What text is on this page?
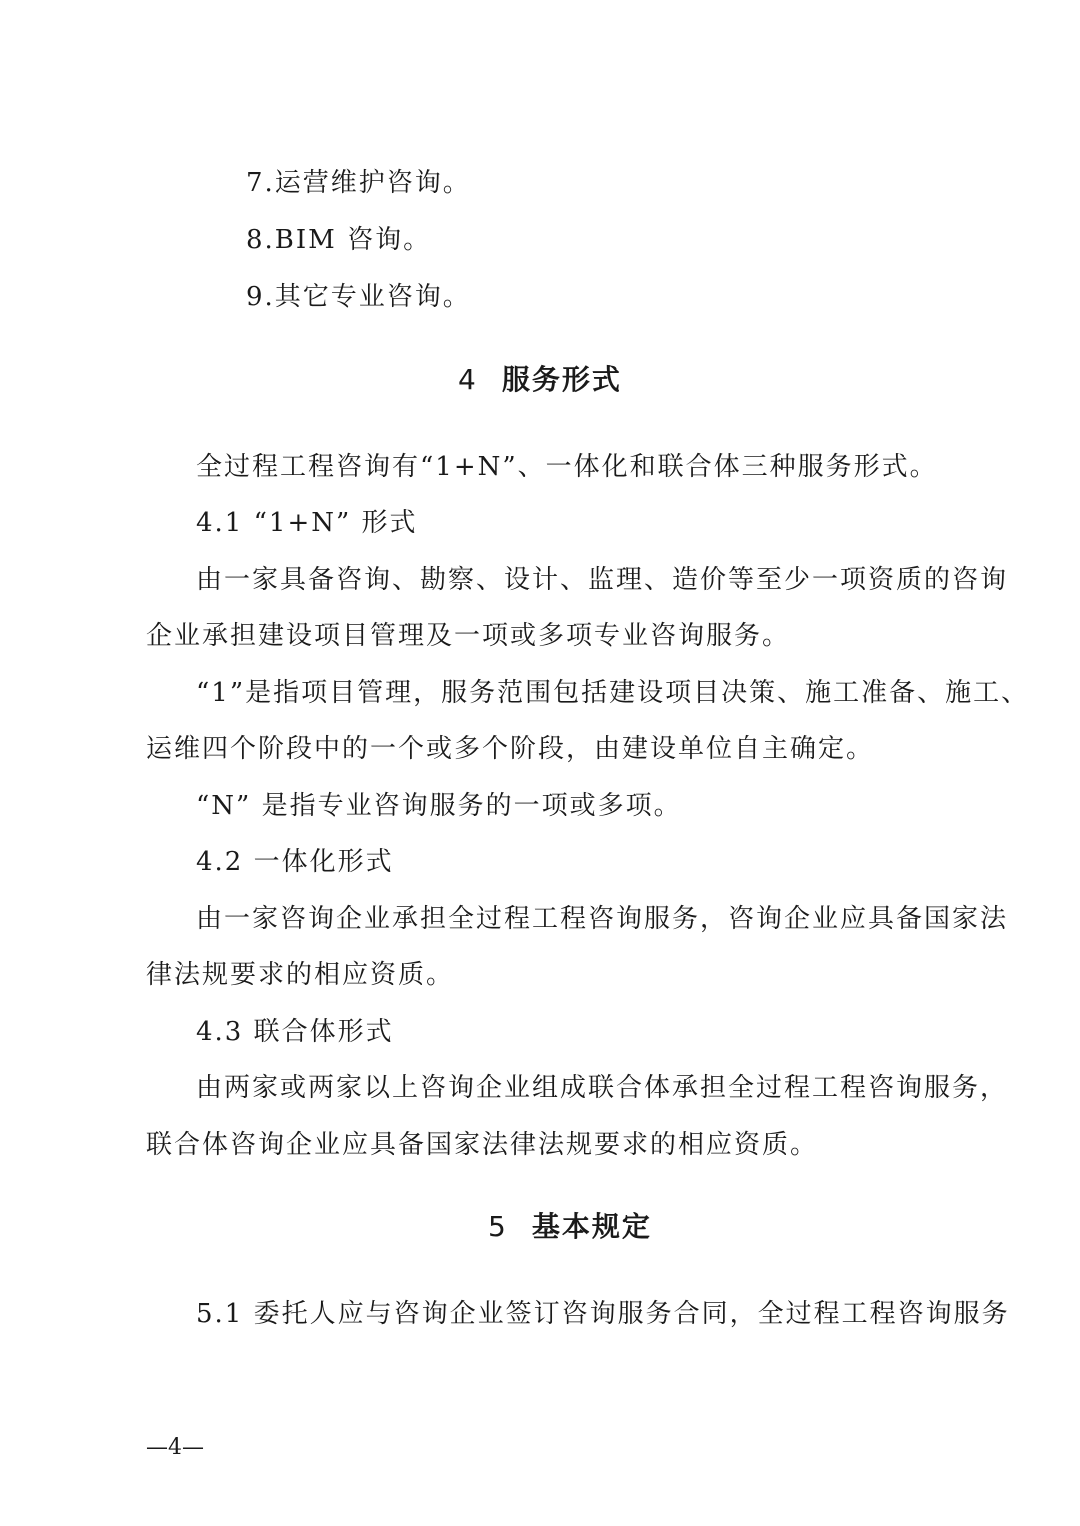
7.运营维护咨询。
8.BIM 咨询。
9.其它专业咨询。
4 服务形式
全过程工程咨询有“1+N”、一体化和联合体三种服务形式。
4.1 “1+N” 形式
由一家具备咨询、勘察、设计、监理、造价等至少一项资质的咨询
企业承担建设项目管理及一项或多项专业咨询服务。
“1”是指项目管理，服务范围包括建设项目决策、施工准备、施工、
运维四个阶段中的一个或多个阶段，由建设单位自主确定。
“N” 是指专业咨询服务的一项或多项。
4.2 一体化形式
由一家咨询企业承担全过程工程咨询服务，咨询企业应具备国家法
律法规要求的相应资质。
4.3 联合体形式
由两家或两家以上咨询企业组成联合体承担全过程工程咨询服务，
联合体咨询企业应具备国家法律法规要求的相应资质。
5 基本规定
5.1 委托人应与咨询企业签订咨询服务合同，全过程工程咨询服务
—4—
